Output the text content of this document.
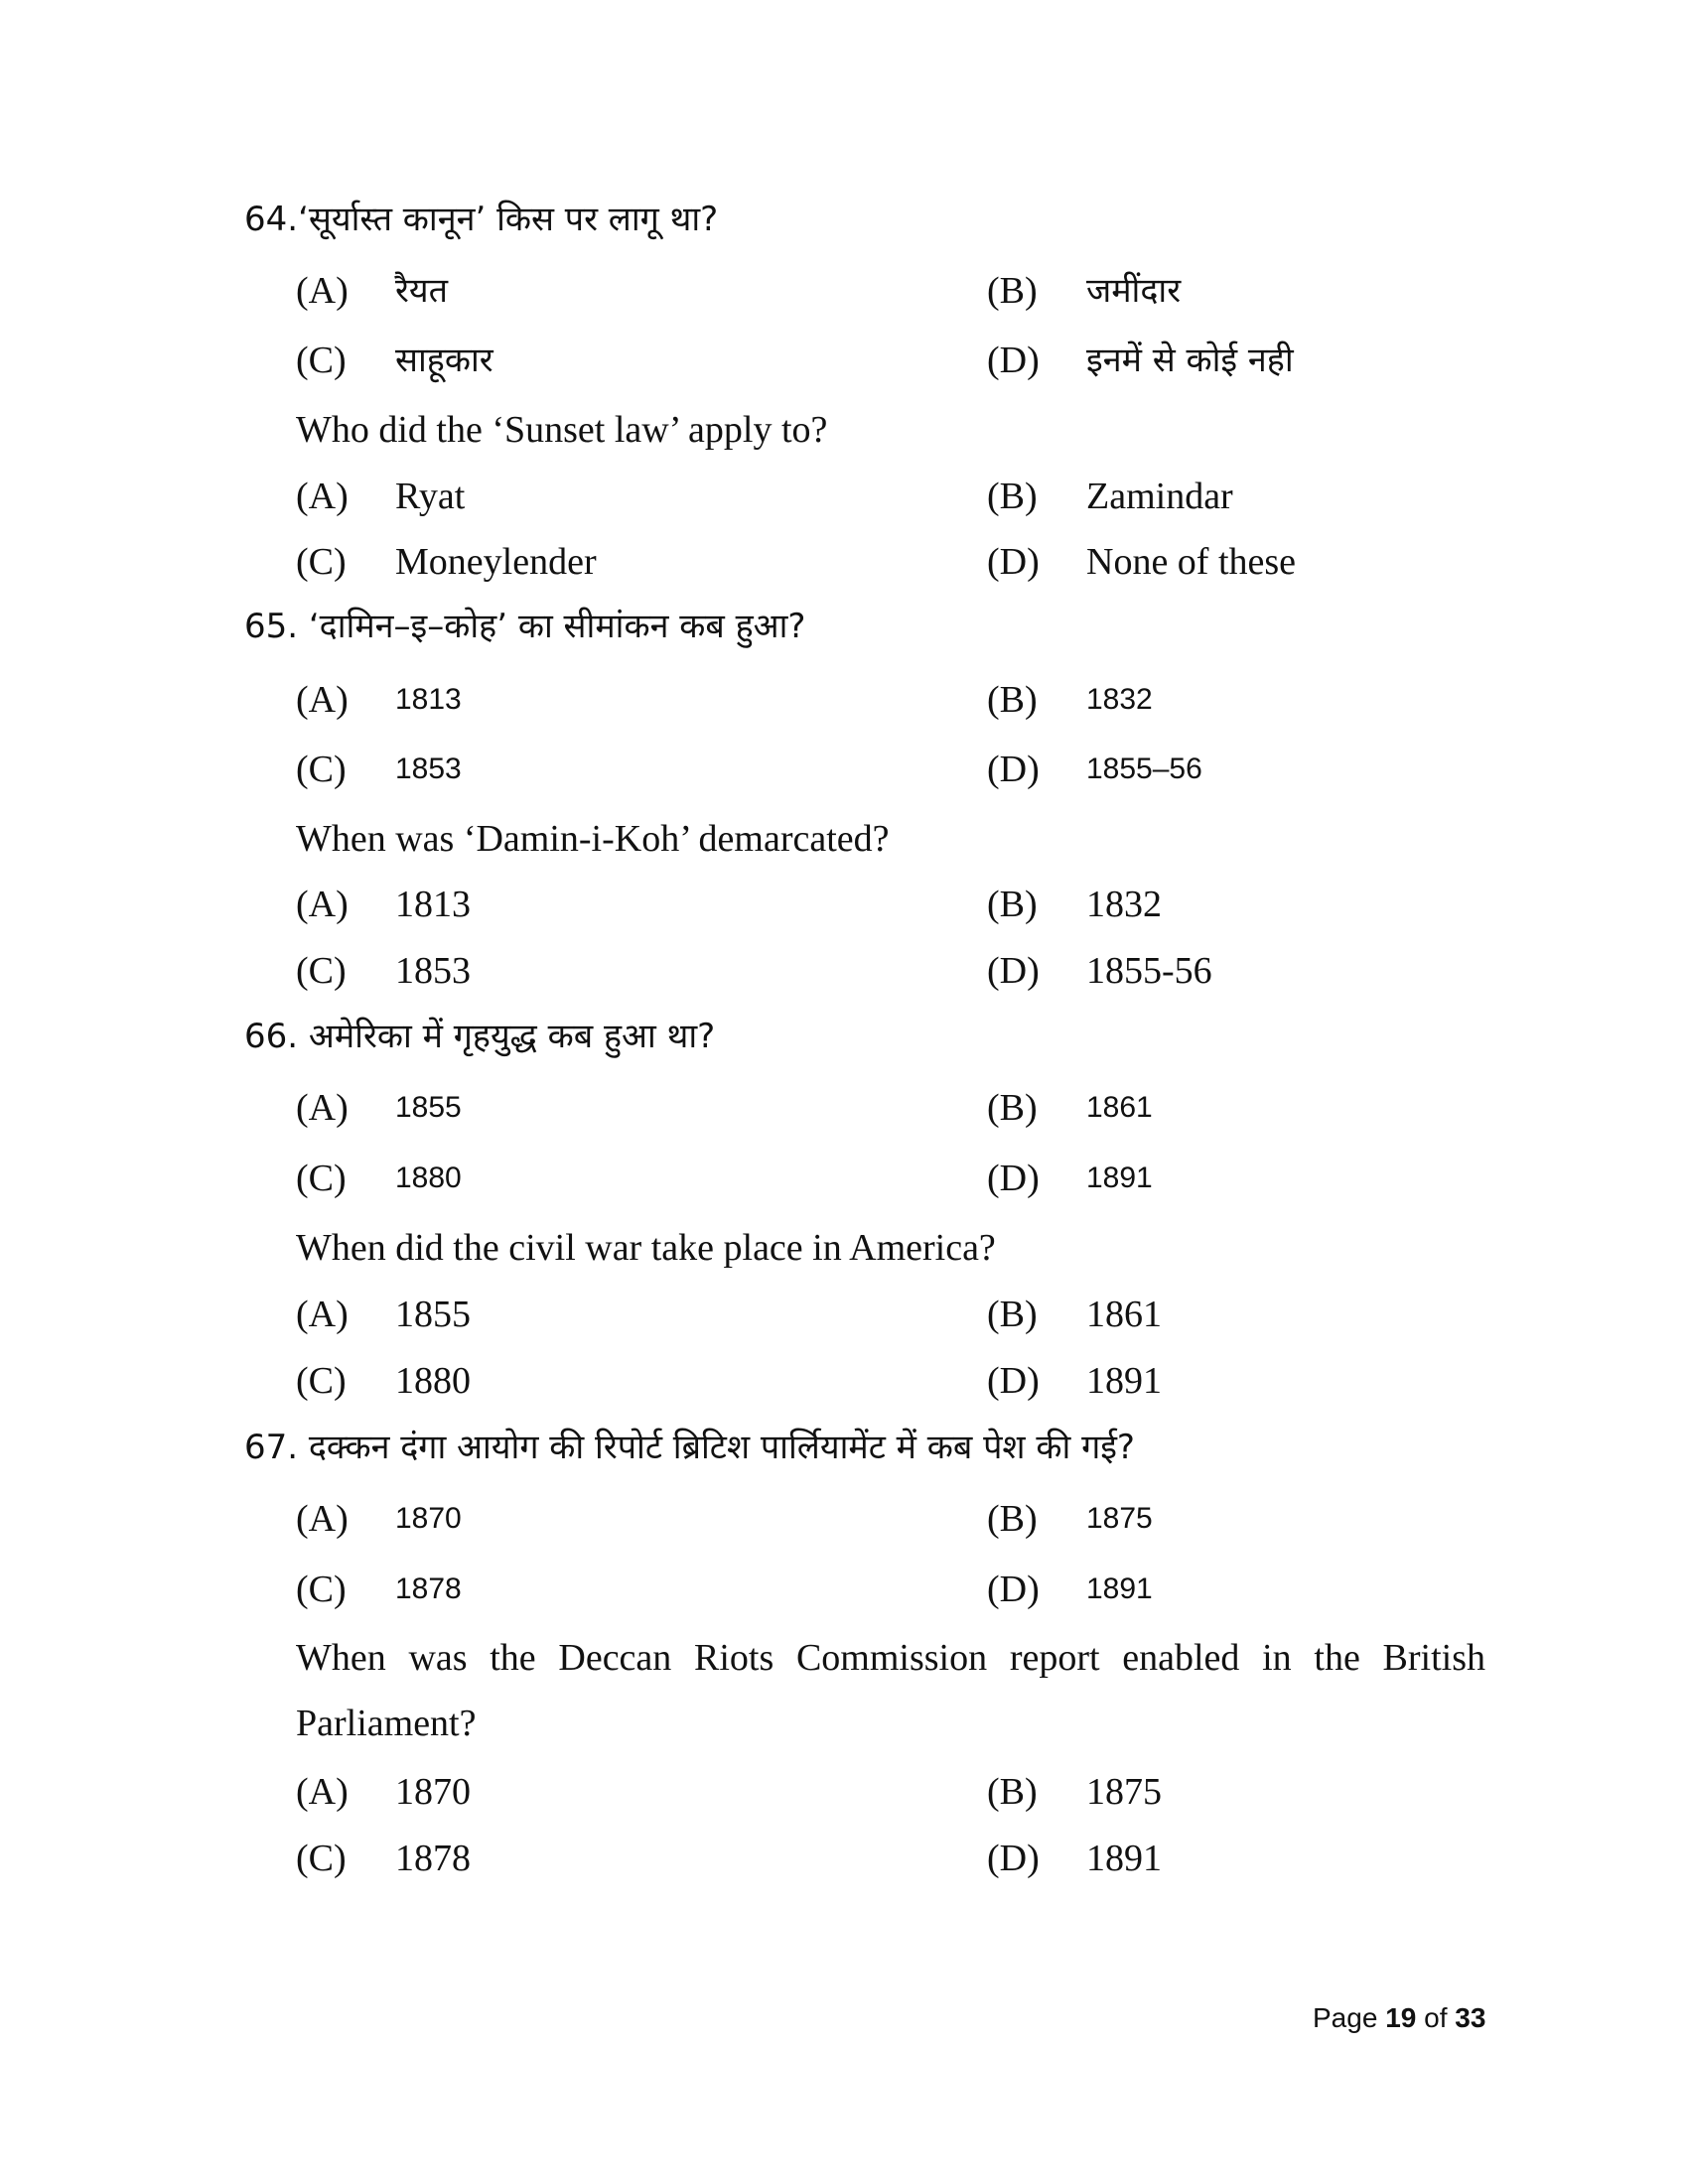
64.‘सूर्यास्त कानून’ किस पर लागू था?
(A) रैयत	(B) जमींदार
(C) साहूकार	(D) इनमें से कोई नही
Who did the ‘Sunset law’ apply to?
(A) Ryat	(B) Zamindar
(C) Moneylender	(D) None of these
65. ‘दामिन–इ–कोह’ का सीमांकन कब हुआ?
(A) 1813	(B) 1832
(C) 1853	(D) 1855–56
When was ‘Damin-i-Koh’ demarcated?
(A) 1813	(B) 1832
(C) 1853	(D) 1855-56
66. अमेरिका में गृहयुद्ध कब हुआ था?
(A) 1855	(B) 1861
(C) 1880	(D) 1891
When did the civil war take place in America?
(A) 1855	(B) 1861
(C) 1880	(D) 1891
67. दक्कन दंगा आयोग की रिपोर्ट ब्रिटिश पार्लियामेंट में कब पेश की गई?
(A) 1870	(B) 1875
(C) 1878	(D) 1891
When was the Deccan Riots Commission report enabled in the British Parliament?
(A) 1870	(B) 1875
(C) 1878	(D) 1891
Page 19 of 33
